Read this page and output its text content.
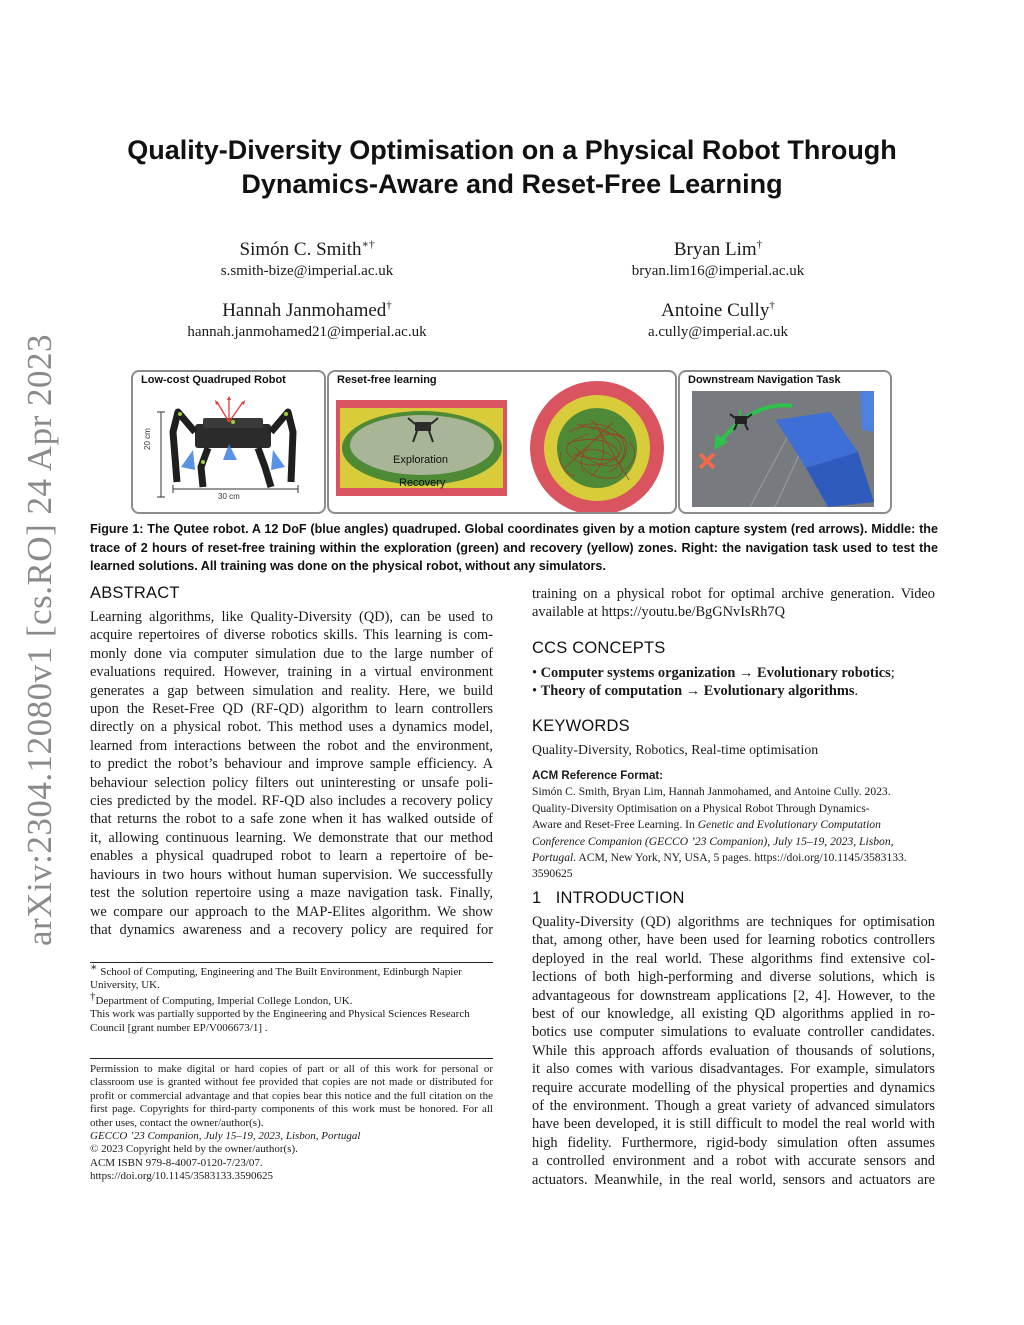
arXiv:2304.12080v1 [cs.RO] 24 Apr 2023
Quality-Diversity Optimisation on a Physical Robot Through
Dynamics-Aware and Reset-Free Learning
Simón C. Smith∗†
s.smith-bize@imperial.ac.uk
Bryan Lim†
bryan.lim16@imperial.ac.uk
Hannah Janmohamed†
hannah.janmohamed21@imperial.ac.uk
Antoine Cully†
a.cully@imperial.ac.uk
Low-cost Quadruped Robot
20 cm
30 cm
Reset-free learning
Exploration
Recovery
Downstream Navigation Task
Figure 1: The Qutee robot. A 12 DoF (blue angles) quadruped. Global coordinates given by a motion capture system (red arrows). Middle: the trace of 2 hours of reset-free training within the exploration (green) and recovery (yellow) zones. Right: the navigation task used to test the learned solutions. All training was done on the physical robot, without any simulators.
ABSTRACT
Learning algorithms, like Quality-Diversity (QD), can be used to
acquire repertoires of diverse robotics skills. This learning is com-
monly done via computer simulation due to the large number of
evaluations required. However, training in a virtual environment
generates a gap between simulation and reality. Here, we build
upon the Reset-Free QD (RF-QD) algorithm to learn controllers
directly on a physical robot. This method uses a dynamics model,
learned from interactions between the robot and the environment,
to predict the robot’s behaviour and improve sample efficiency. A
behaviour selection policy filters out uninteresting or unsafe poli-
cies predicted by the model. RF-QD also includes a recovery policy
that returns the robot to a safe zone when it has walked outside of
it, allowing continuous learning. We demonstrate that our method
enables a physical quadruped robot to learn a repertoire of be-
haviours in two hours without human supervision. We successfully
test the solution repertoire using a maze navigation task. Finally,
we compare our approach to the MAP-Elites algorithm. We show
that dynamics awareness and a recovery policy are required for
∗ School of Computing, Engineering and The Built Environment, Edinburgh Napier University, UK.
†Department of Computing, Imperial College London, UK.
This work was partially supported by the Engineering and Physical Sciences Research Council [grant number EP/V006673/1] .
Permission to make digital or hard copies of part or all of this work for personal or classroom use is granted without fee provided that copies are not made or distributed for profit or commercial advantage and that copies bear this notice and the full citation on the first page. Copyrights for third-party components of this work must be honored. For all other uses, contact the owner/author(s).
GECCO ’23 Companion, July 15–19, 2023, Lisbon, Portugal
© 2023 Copyright held by the owner/author(s).
ACM ISBN 979-8-4007-0120-7/23/07.
https://doi.org/10.1145/3583133.3590625
training on a physical robot for optimal archive generation. Video
available at https://youtu.be/BgGNvIsRh7Q
CCS CONCEPTS
• Computer systems organization → Evolutionary robotics;
• Theory of computation → Evolutionary algorithms.
KEYWORDS
Quality-Diversity, Robotics, Real-time optimisation
ACM Reference Format:
Simón C. Smith, Bryan Lim, Hannah Janmohamed, and Antoine Cully. 2023.
Quality-Diversity Optimisation on a Physical Robot Through Dynamics-
Aware and Reset-Free Learning. In Genetic and Evolutionary Computation
Conference Companion (GECCO ’23 Companion), July 15–19, 2023, Lisbon,
Portugal. ACM, New York, NY, USA, 5 pages. https://doi.org/10.1145/3583133.
3590625
1 INTRODUCTION
Quality-Diversity (QD) algorithms are techniques for optimisation
that, among other, have been used for learning robotics controllers
deployed in the real world. These algorithms find extensive col-
lections of both high-performing and diverse solutions, which is
advantageous for downstream applications [2, 4]. However, to the
best of our knowledge, all existing QD algorithms applied in ro-
botics use computer simulations to evaluate controller candidates.
While this approach affords evaluation of thousands of solutions,
it also comes with various disadvantages. For example, simulators
require accurate modelling of the physical properties and dynamics
of the environment. Though a great variety of advanced simulators
have been developed, it is still difficult to model the real world with
high fidelity. Furthermore, rigid-body simulation often assumes
a controlled environment and a robot with accurate sensors and
actuators. Meanwhile, in the real world, sensors and actuators are
